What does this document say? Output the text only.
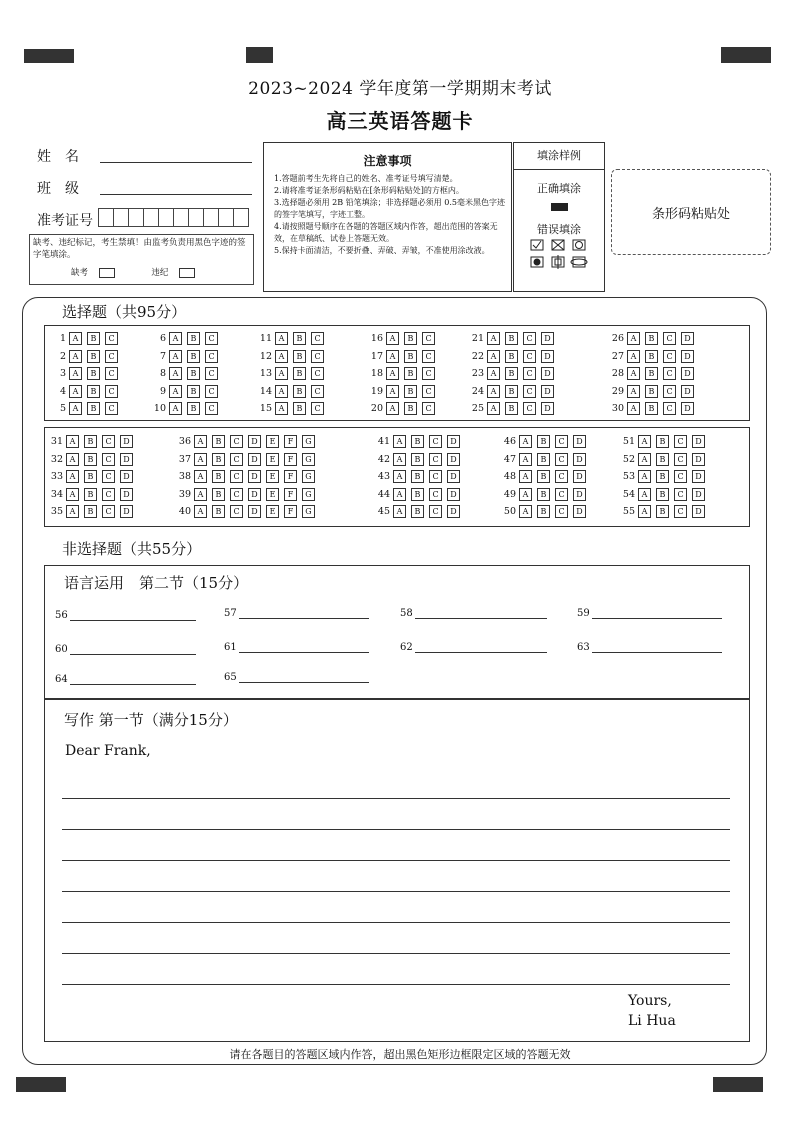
2023~2024 学年度第一学期期末考试
高三英语答题卡
姓　名
班　级
准考证号
缺考、违纪标记，考生禁填！由监考负责用黑色字迹的签字笔填涂。
缺考	违纪
注意事项
1.答题前考生先将自己的姓名、准考证号填写清楚。
2.请将准考证条形码粘贴在[条形码粘贴处]的方框内。
3.选择题必须用 2B 铅笔填涂；非选择题必须用 0.5毫米黑色字迹的签字笔填写，字迹工整。
4.请按照题号顺序在各题的答题区域内作答，超出范围的答案无效，在草稿纸、试卷上答题无效。
5.保持卡面清洁，不要折叠、弄破、弄皱，不准使用涂改液。
填涂样例
正确填涂
错误填涂
条形码粘贴处
选择题（共95分）
1 A	B	C
2 A	B	C
3 A	B	C
4 A	B	C
5 A	B	C
6 A	B	C
7 A	B	C
8 A	B	C
9 A	B	C
10 A	B	C
11 A	B	C
12 A	B	C
13 A	B	C
14 A	B	C
15 A	B	C
16 A	B	C
17 A	B	C
18 A	B	C
19 A	B	C
20 A	B	C
21 A	B	C	D
22 A	B	C	D
23 A	B	C	D
24 A	B	C	D
25 A	B	C	D
26 A	B	C	D
27 A	B	C	D
28 A	B	C	D
29 A	B	C	D
30 A	B	C	D
31 A	B	C	D
32 A	B	C	D
33 A	B	C	D
34 A	B	C	D
35 A	B	C	D
36 A	B	C	D	E	F	G
37 A	B	C	D	E	F	G
38 A	B	C	D	E	F	G
39 A	B	C	D	E	F	G
40 A	B	C	D	E	F	G
41 A	B	C	D
42 A	B	C	D
43 A	B	C	D
44 A	B	C	D
45 A	B	C	D
46 A	B	C	D
47 A	B	C	D
48 A	B	C	D
49 A	B	C	D
50 A	B	C	D
51 A	B	C	D
52 A	B	C	D
53 A	B	C	D
54 A	B	C	D
55 A	B	C	D
非选择题（共55分）
语言运用　第二节（15分）
56	57	58	59
60	61	62	63
64	65
写作 第一节（满分15分）
Dear Frank,
Yours,
Li Hua
请在各题目的答题区域内作答，超出黑色矩形边框限定区域的答题无效
